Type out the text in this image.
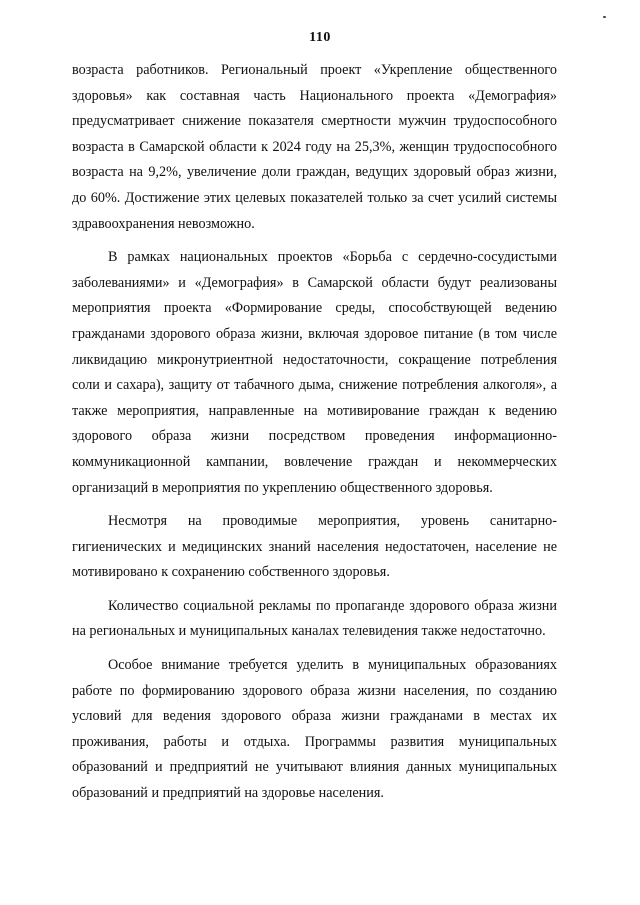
110

возраста работников. Региональный проект «Укрепление общественного здоровья» как составная часть Национального проекта «Демография» предусматривает снижение показателя смертности мужчин трудоспособного возраста в Самарской области к 2024 году на 25,3%, женщин трудоспособного возраста на 9,2%, увеличение доли граждан, ведущих здоровый образ жизни, до 60%. Достижение этих целевых показателей только за счет усилий системы здравоохранения невозможно.

В рамках национальных проектов «Борьба с сердечно-сосудистыми заболеваниями» и «Демография» в Самарской области будут реализованы мероприятия проекта «Формирование среды, способствующей ведению гражданами здорового образа жизни, включая здоровое питание (в том числе ликвидацию микронутриентной недостаточности, сокращение потребления соли и сахара), защиту от табачного дыма, снижение потребления алкоголя», а также мероприятия, направленные на мотивирование граждан к ведению здорового образа жизни посредством проведения информационно-коммуникационной кампании, вовлечение граждан и некоммерческих организаций в мероприятия по укреплению общественного здоровья.

Несмотря на проводимые мероприятия, уровень санитарно-гигиенических и медицинских знаний населения недостаточен, население не мотивировано к сохранению собственного здоровья.

Количество социальной рекламы по пропаганде здорового образа жизни на региональных и муниципальных каналах телевидения также недостаточно.

Особое внимание требуется уделить в муниципальных образованиях работе по формированию здорового образа жизни населения, по созданию условий для ведения здорового образа жизни гражданами в местах их проживания, работы и отдыха. Программы развития муниципальных образований и предприятий не учитывают влияния данных муниципальных образований и предприятий на здоровье населения.
